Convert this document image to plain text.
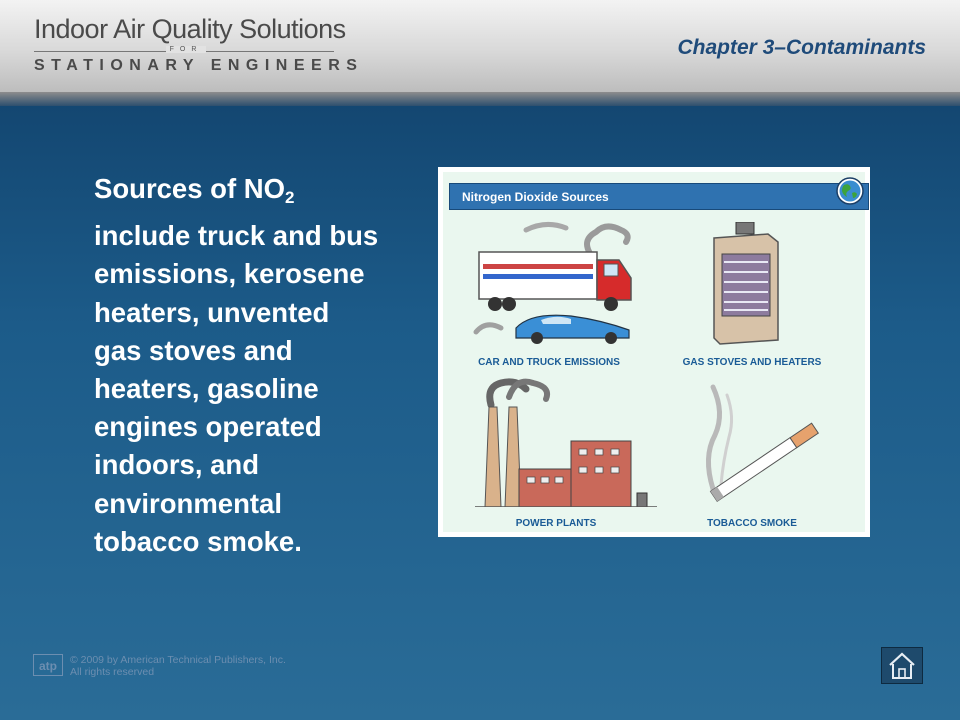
Indoor Air Quality Solutions
FOR
STATIONARY ENGINEERS
Chapter 3–Contaminants
Sources of $NO_2$
include truck and bus
emissions, kerosene
heaters, unvented
gas stoves and
heaters, gasoline
engines operated
indoors, and
environmental
tobacco smoke.
Nitrogen Dioxide Sources
CAR AND TRUCK EMISSIONS	GAS STOVES AND HEATERS
POWER PLANTS	TOBACCO SMOKE
atp	© 2009 by American Technical Publishers, Inc.
All rights reserved
